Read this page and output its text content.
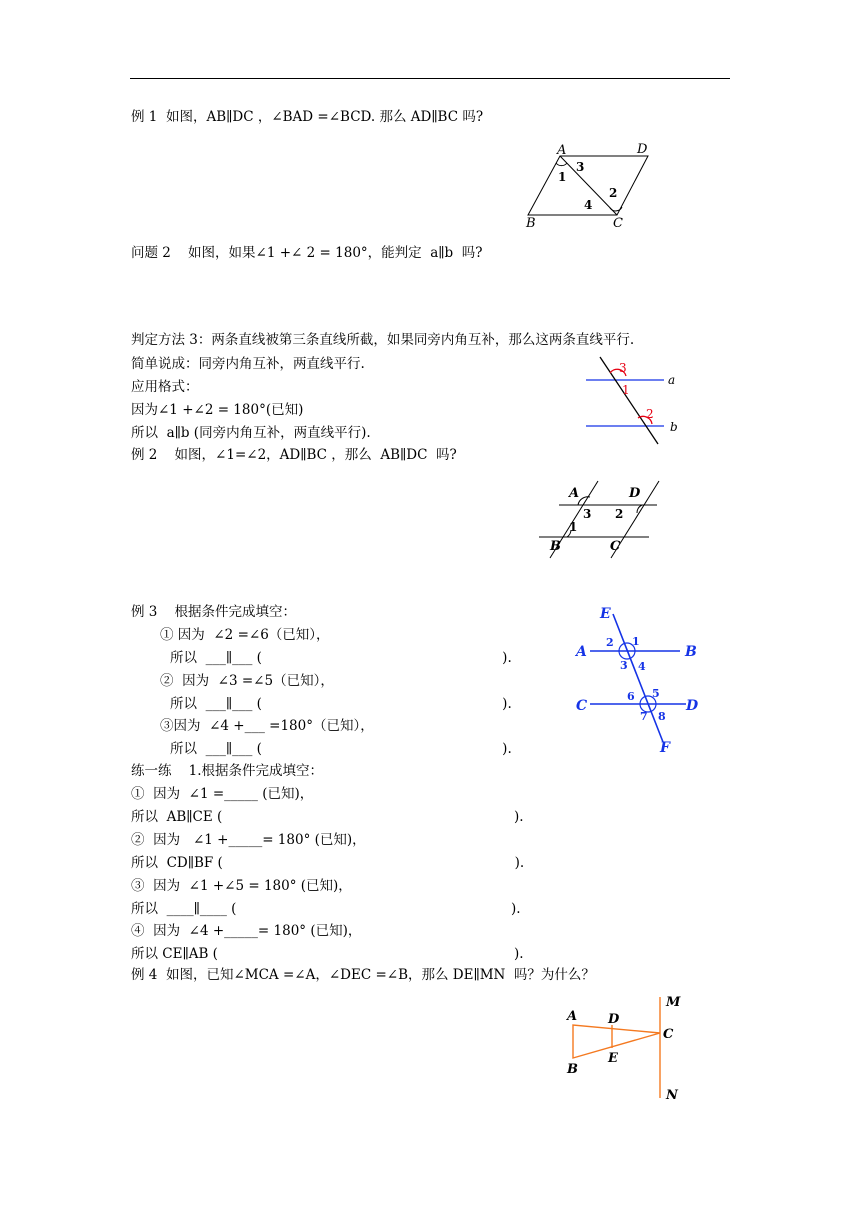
例 1  如图，AB∥DC ，∠BAD =∠BCD. 那么 AD∥BC 吗?
问题 2    如图，如果∠1 +∠ 2 = 180°，能判定  a∥b  吗?
判定方法 3：两条直线被第三条直线所截，如果同旁内角互补，那么这两条直线平行.
简单说成：同旁内角互补，两直线平行.
应用格式：
因为∠1 +∠2 = 180°(已知)
所以  a∥b (同旁内角互补，两直线平行).
例 2    如图，∠1=∠2，AD∥BC ，那么  AB∥DC  吗?
例 3    根据条件完成填空：
① 因为  ∠2 =∠6（已知），
所以  ___∥___ (                                                        ).
②  因为  ∠3 =∠5（已知），
所以  ___∥___ (                                                        ).
③因为  ∠4 +___ =180°（已知），
所以  ___∥___ (                                                        ).
练一练    1.根据条件完成填空：
①  因为  ∠1 =_____ (已知)，
所以  AB∥CE (                                                                    ).
②  因为   ∠1 +_____= 180° (已知)，
所以  CD∥BF (                                                                    ).
③  因为  ∠1 +∠5 = 180° (已知)，
所以  ____∥____ (                                                                ).
④  因为  ∠4 +_____= 180° (已知)，
所以 CE∥AB (                                                                     ).
例 4  如图，已知∠MCA =∠A，∠DEC =∠B，那么 DE∥MN  吗？为什么？
A	D
B	C
1
3
2
4
3
1
2
a
b
A	D
B	C
3 2
1
E
A	B
C	D
F
2 1
3 4
6 5
7 8
M
N
A
B
C
D
E
